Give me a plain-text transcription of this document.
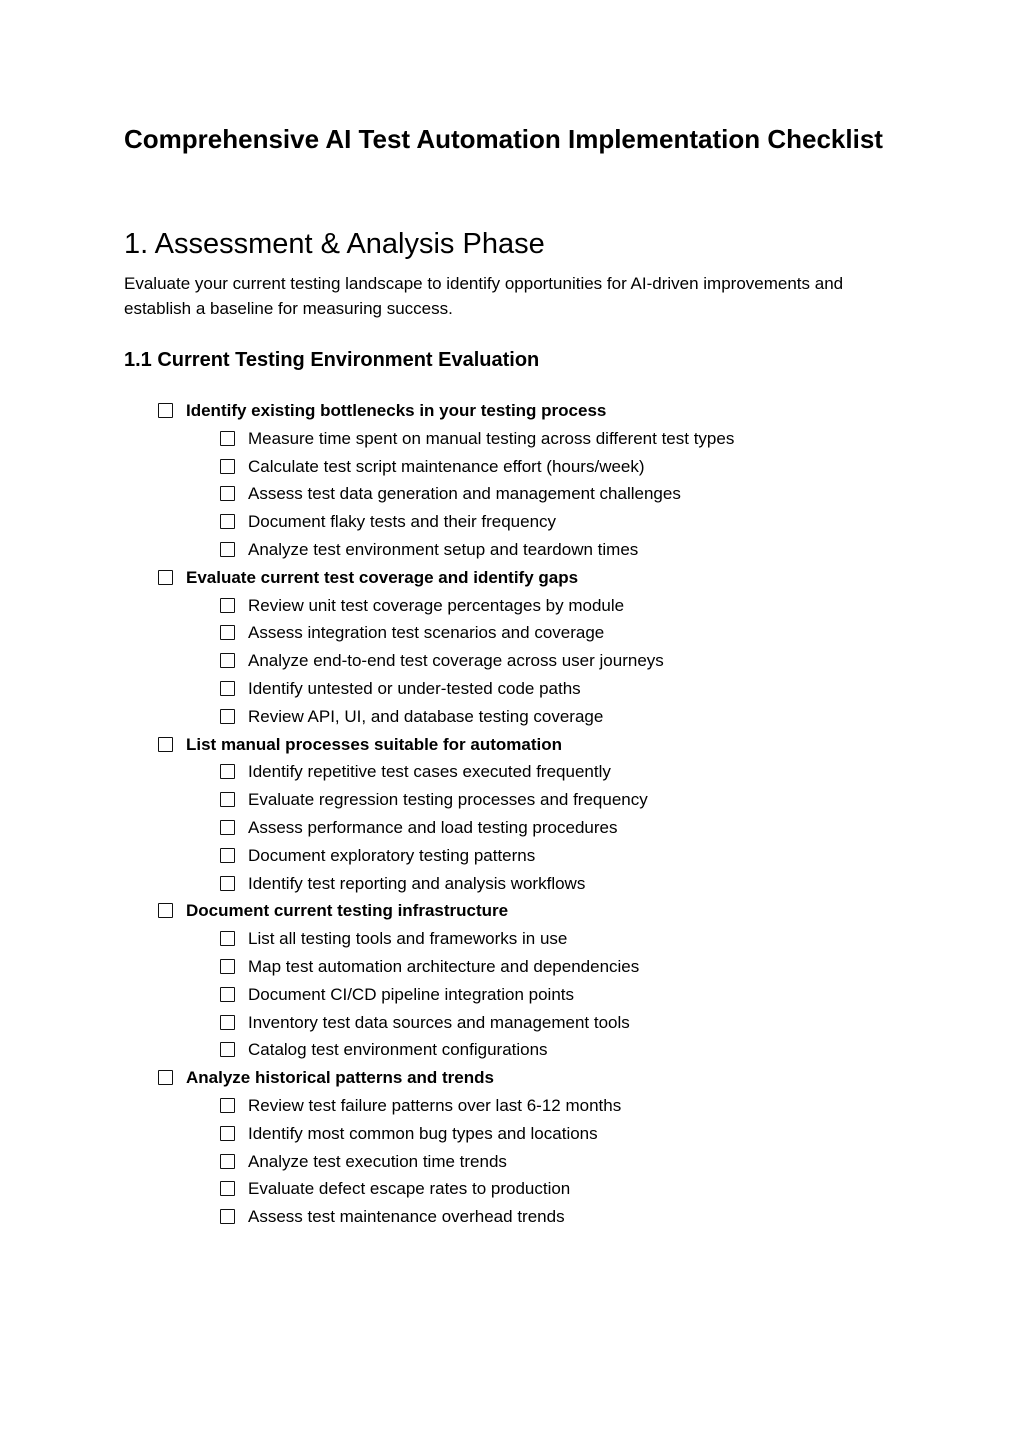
Comprehensive AI Test Automation Implementation Checklist
1. Assessment & Analysis Phase

Evaluate your current testing landscape to identify opportunities for AI-driven improvements and establish a baseline for measuring success.

1.1 Current Testing Environment Evaluation
Identify existing bottlenecks in your testing process
Measure time spent on manual testing across different test types
Calculate test script maintenance effort (hours/week)
Assess test data generation and management challenges
Document flaky tests and their frequency
Analyze test environment setup and teardown times
Evaluate current test coverage and identify gaps
Review unit test coverage percentages by module
Assess integration test scenarios and coverage
Analyze end-to-end test coverage across user journeys
Identify untested or under-tested code paths
Review API, UI, and database testing coverage
List manual processes suitable for automation
Identify repetitive test cases executed frequently
Evaluate regression testing processes and frequency
Assess performance and load testing procedures
Document exploratory testing patterns
Identify test reporting and analysis workflows
Document current testing infrastructure
List all testing tools and frameworks in use
Map test automation architecture and dependencies
Document CI/CD pipeline integration points
Inventory test data sources and management tools
Catalog test environment configurations
Analyze historical patterns and trends
Review test failure patterns over last 6-12 months
Identify most common bug types and locations
Analyze test execution time trends
Evaluate defect escape rates to production
Assess test maintenance overhead trends
